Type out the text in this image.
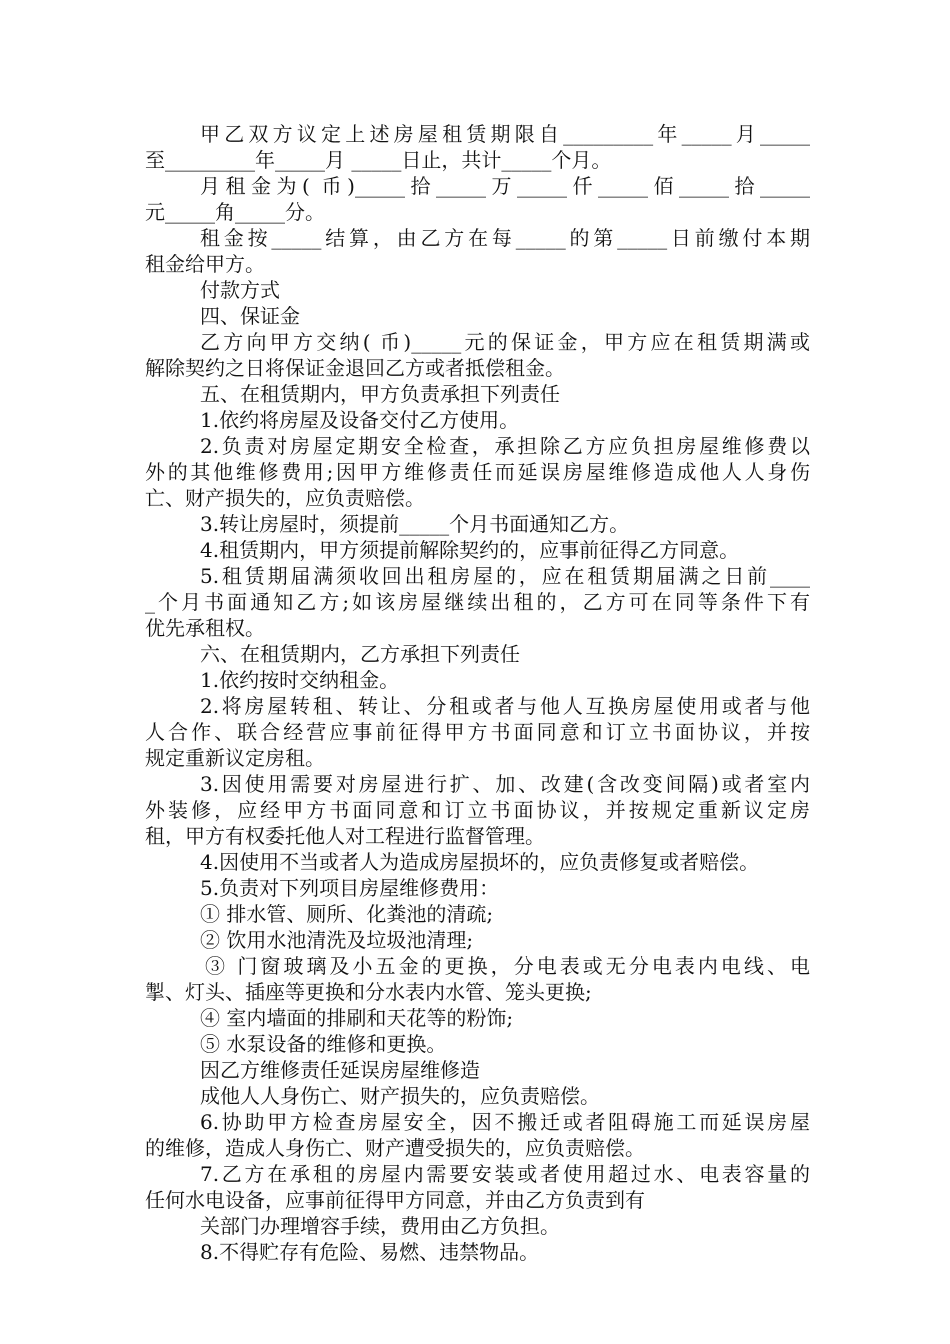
甲乙双方议定上述房屋租赁期限自_________年_____月_____
至_________年_____月 _____日止，共计_____个月。
月租金为( 币)_____拾_____万_____仟_____佰_____拾_____
元_____角_____分。
租金按_____结算，由乙方在每_____的第_____日前缴付本期
租金给甲方。
付款方式
四、保证金
乙方向甲方交纳( 币)_____元的保证金，甲方应在租赁期满或
解除契约之日将保证金退回乙方或者抵偿租金。
五、在租赁期内，甲方负责承担下列责任
1.依约将房屋及设备交付乙方使用。
2.负责对房屋定期安全检查，承担除乙方应负担房屋维修费以
外的其他维修费用;因甲方维修责任而延误房屋维修造成他人人身伤
亡、财产损失的，应负责赔偿。
3.转让房屋时，须提前_____个月书面通知乙方。
4.租赁期内，甲方须提前解除契约的，应事前征得乙方同意。
5.租赁期届满须收回出租房屋的，应在租赁期届满之日前____
_个月书面通知乙方;如该房屋继续出租的，乙方可在同等条件下有
优先承租权。
六、在租赁期内，乙方承担下列责任
1.依约按时交纳租金。
2.将房屋转租、转让、分租或者与他人互换房屋使用或者与他
人合作、联合经营应事前征得甲方书面同意和订立书面协议，并按
规定重新议定房租。
3.因使用需要对房屋进行扩、加、改建(含改变间隔)或者室内
外装修，应经甲方书面同意和订立书面协议，并按规定重新议定房
租，甲方有权委托他人对工程进行监督管理。
4.因使用不当或者人为造成房屋损坏的，应负责修复或者赔偿。
5.负责对下列项目房屋维修费用：
① 排水管、厕所、化粪池的清疏;
② 饮用水池清洗及垃圾池清理;
③ 门窗玻璃及小五金的更换，分电表或无分电表内电线、电
掣、灯头、插座等更换和分水表内水管、笼头更换;
④ 室内墙面的排刷和天花等的粉饰;
⑤ 水泵设备的维修和更换。
因乙方维修责任延误房屋维修造
成他人人身伤亡、财产损失的，应负责赔偿。
6.协助甲方检查房屋安全，因不搬迁或者阻碍施工而延误房屋
的维修，造成人身伤亡、财产遭受损失的，应负责赔偿。
7.乙方在承租的房屋内需要安装或者使用超过水、电表容量的
任何水电设备，应事前征得甲方同意，并由乙方负责到有
关部门办理增容手续，费用由乙方负担。
8.不得贮存有危险、易燃、违禁物品。
